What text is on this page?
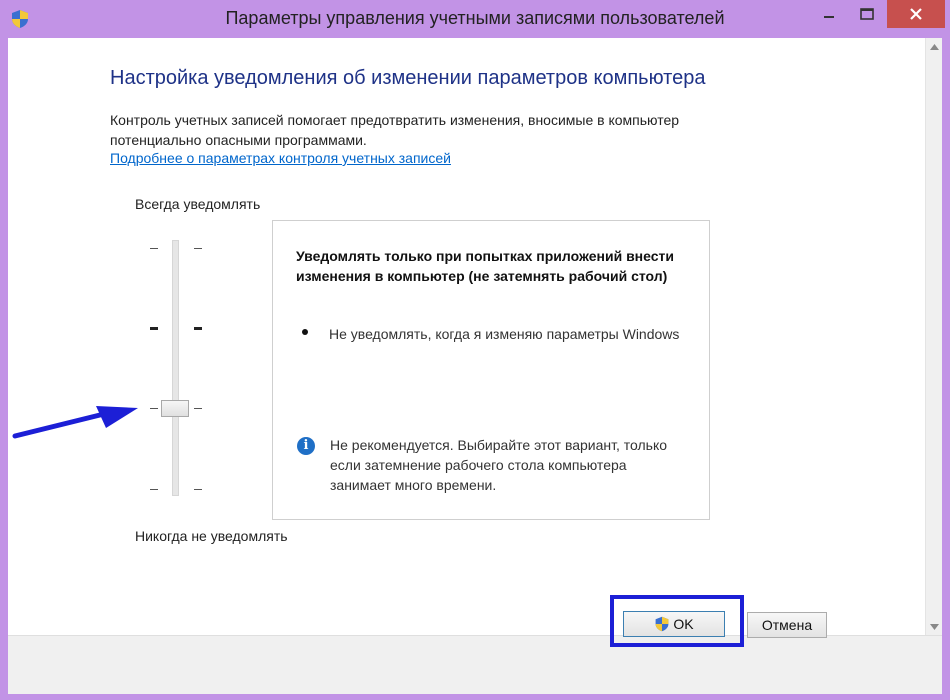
Параметры управления учетными записями пользователей
Настройка уведомления об изменении параметров компьютера
Контроль учетных записей помогает предотвратить изменения, вносимые в компьютер потенциально опасными программами.
Подробнее о параметрах контроля учетных записей
Всегда уведомлять
Никогда не уведомлять
Уведомлять только при попытках приложений внести изменения в компьютер (не затемнять рабочий стол)
Не уведомлять, когда я изменяю параметры Windows
i	Не рекомендуется. Выбирайте этот вариант, только если затемнение рабочего стола компьютера занимает много времени.
OK	Отмена
